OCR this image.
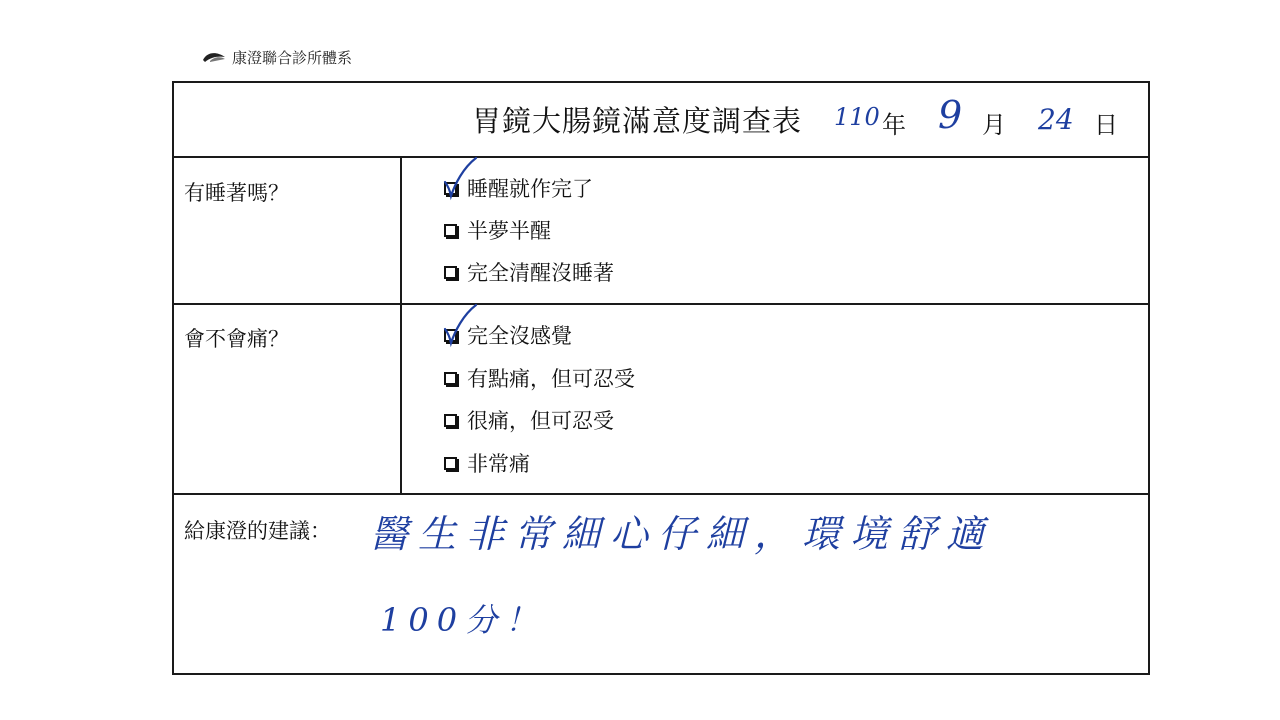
康澄聯合診所體系
胃鏡大腸鏡滿意度調查表 110 年 9 月 24 日
有睡著嗎？	睡醒就作完了
半夢半醒
完全清醒沒睡著
會不會痛？	完全沒感覺
有點痛，但可忍受
很痛，但可忍受
非常痛
給康澄的建議： 醫生非常細心仔細，環境舒適
100分！
